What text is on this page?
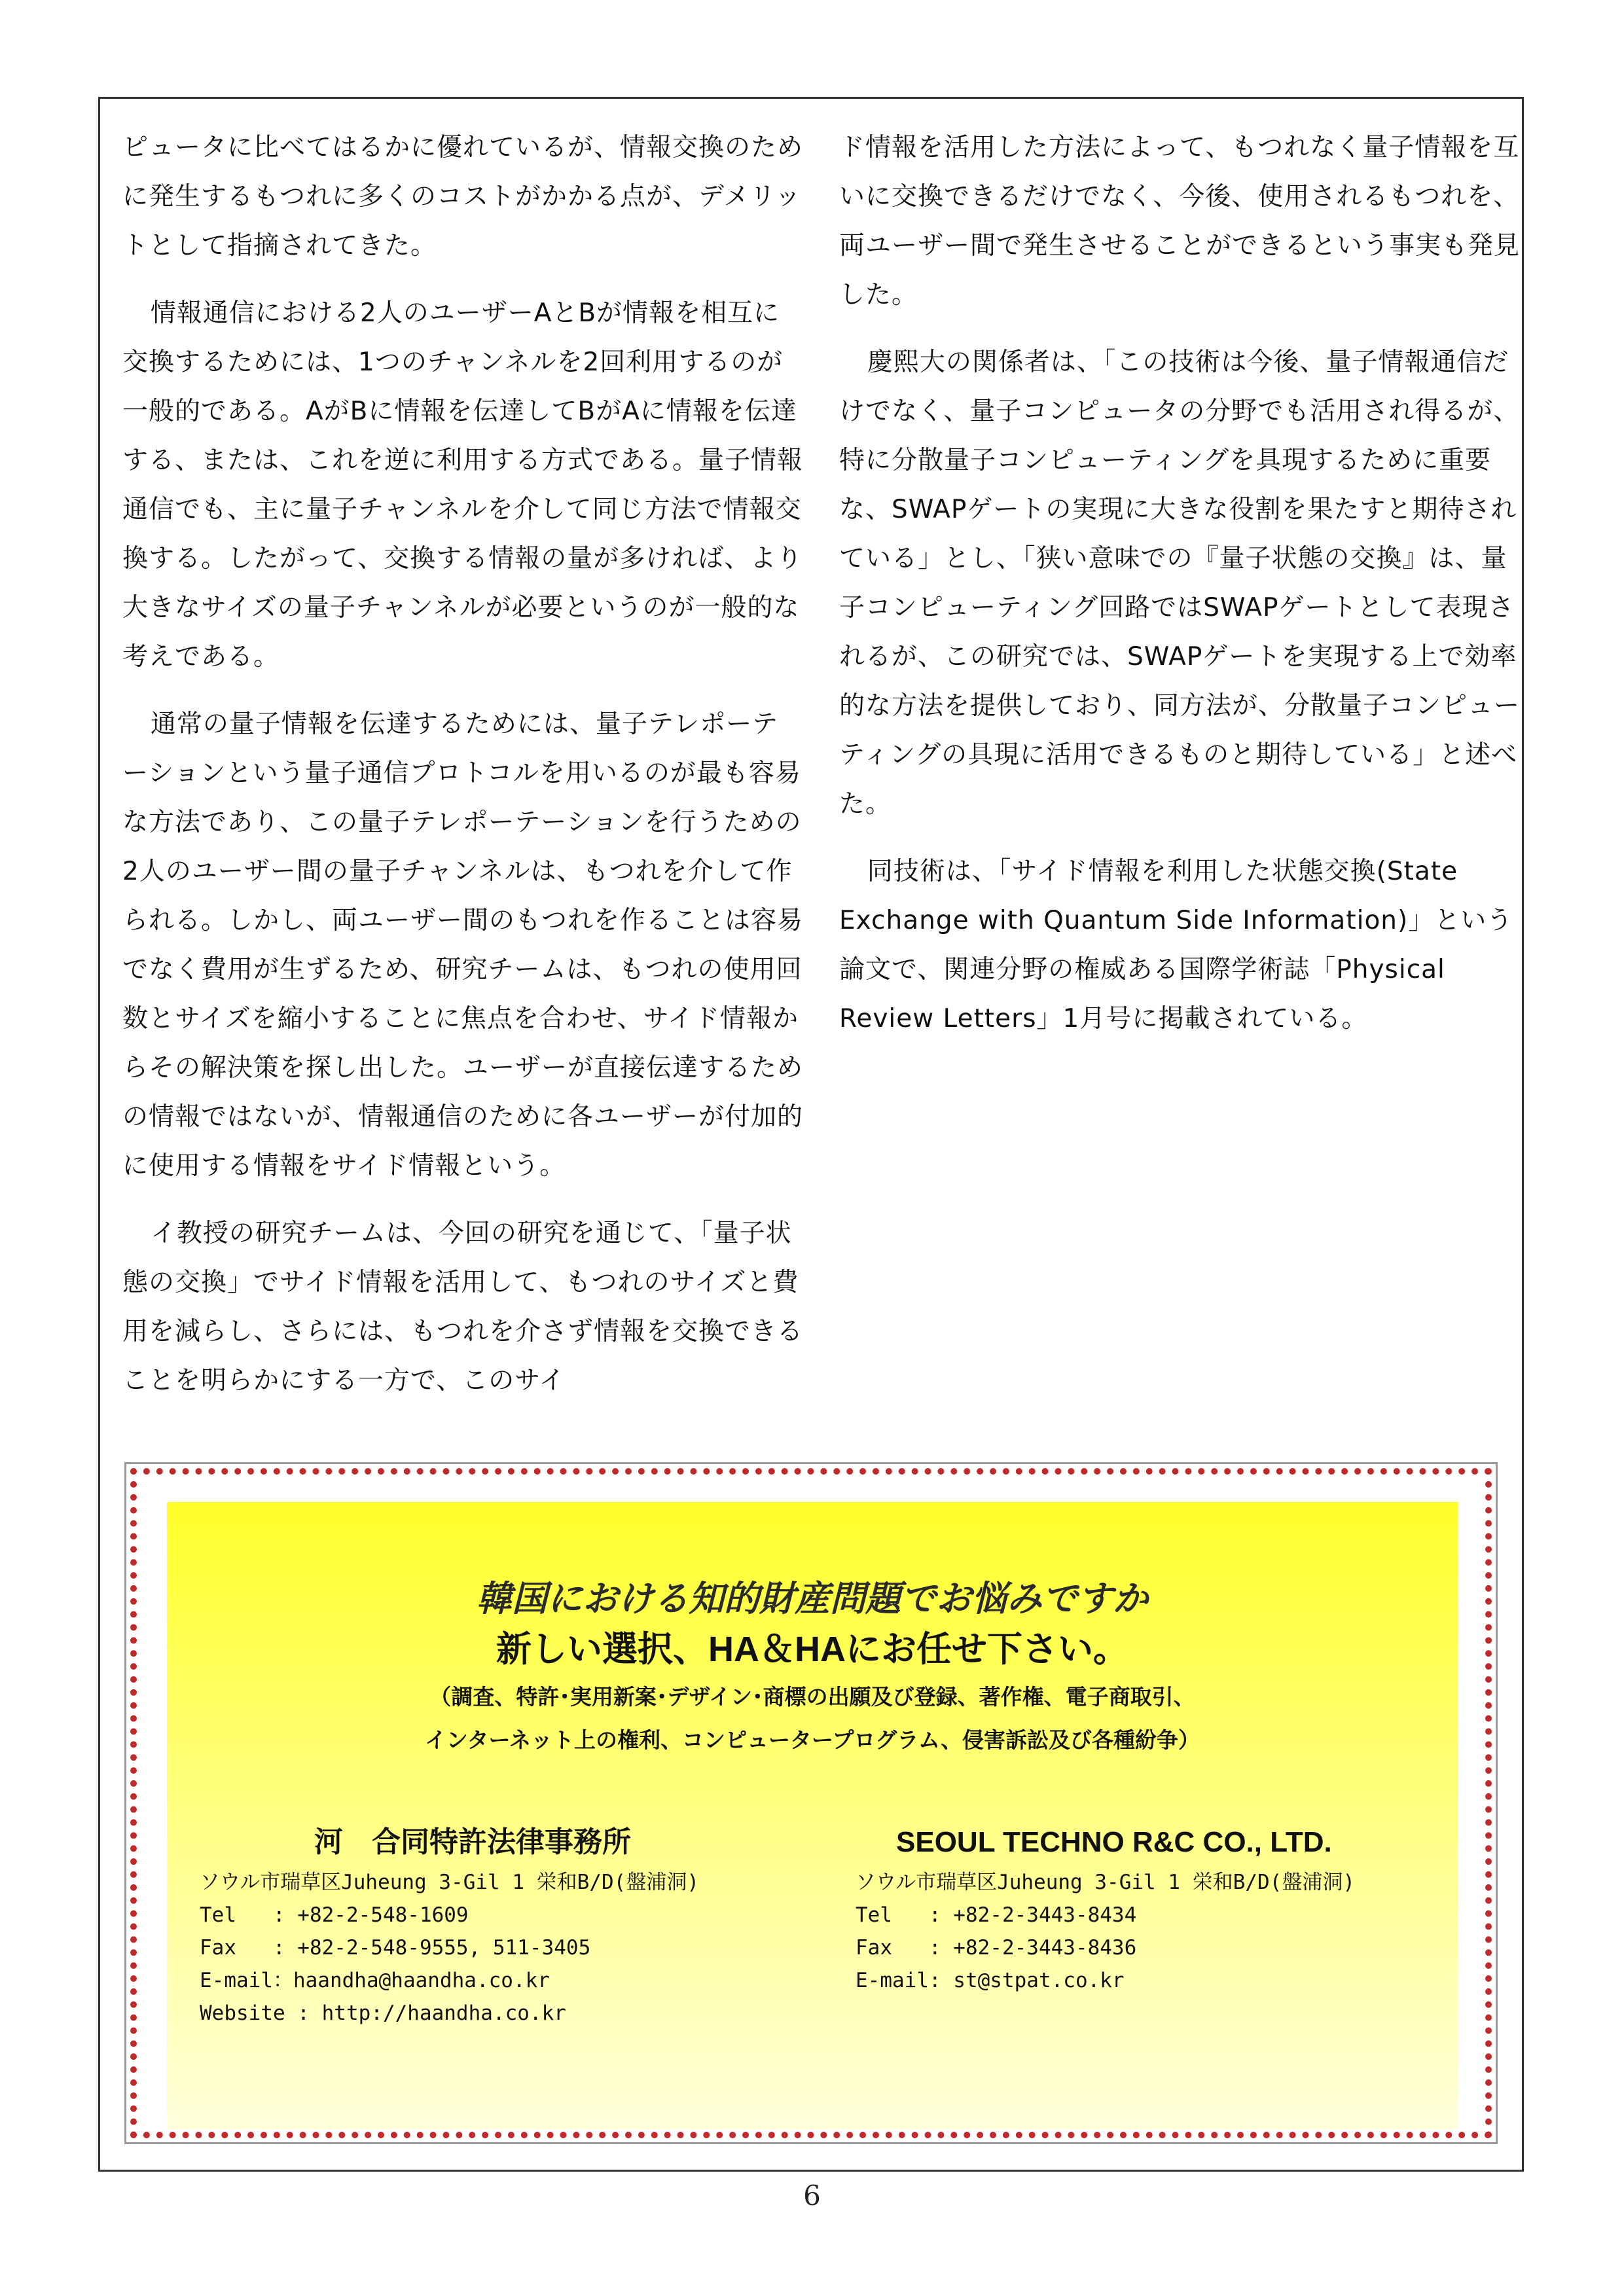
ピュータに比べてはるかに優れているが、情報交換のために発生するもつれに多くのコストがかかる点が、デメリットとして指摘されてきた。

情報通信における2人のユーザーAとBが情報を相互に交換するためには、1つのチャンネルを2回利用するのが一般的である。AがBに情報を伝達してBがAに情報を伝達する、または、これを逆に利用する方式である。量子情報通信でも、主に量子チャンネルを介して同じ方法で情報交換する。したがって、交換する情報の量が多ければ、より大きなサイズの量子チャンネルが必要というのが一般的な考えである。

通常の量子情報を伝達するためには、量子テレポーテーションという量子通信プロトコルを用いるのが最も容易な方法であり、この量子テレポーテーションを行うための2人のユーザー間の量子チャンネルは、もつれを介して作られる。しかし、両ユーザー間のもつれを作ることは容易でなく費用が生ずるため、研究チームは、もつれの使用回数とサイズを縮小することに焦点を合わせ、サイド情報からその解決策を探し出した。ユーザーが直接伝達するための情報ではないが、情報通信のために各ユーザーが付加的に使用する情報をサイド情報という。

イ教授の研究チームは、今回の研究を通じて、「量子状態の交換」でサイド情報を活用して、もつれのサイズと費用を減らし、さらには、もつれを介さず情報を交換できることを明らかにする一方で、このサイ

ド情報を活用した方法によって、もつれなく量子情報を互いに交換できるだけでなく、今後、使用されるもつれを、両ユーザー間で発生させることができるという事実も発見した。

慶熙大の関係者は、「この技術は今後、量子情報通信だけでなく、量子コンピュータの分野でも活用され得るが、特に分散量子コンピューティングを具現するために重要な、SWAPゲートの実現に大きな役割を果たすと期待されている」とし、「狭い意味での『量子状態の交換』は、量子コンピューティング回路ではSWAPゲートとして表現されるが、この研究では、SWAPゲートを実現する上で効率的な方法を提供しており、同方法が、分散量子コンピューティングの具現に活用できるものと期待している」と述べた。

同技術は、「サイド情報を利用した状態交換(State Exchange with Quantum Side Information)」という論文で、関連分野の権威ある国際学術誌「Physical Review Letters」1月号に掲載されている。

韓国における知的財産問題でお悩みですか
新しい選択、HA＆HAにお任せ下さい。
（調査、特許･実用新案･デザイン･商標の出願及び登録、著作権、電子商取引、
インターネット上の権利、コンピュータープログラム、侵害訴訟及び各種紛争）
河　合同特許法律事務所
ソウル市瑞草区Juheung 3-Gil 1 栄和B/D(盤浦洞)
Tel   : +82-2-548-1609
Fax   : +82-2-548-9555, 511-3405
E-mail：haandha@haandha.co.kr
Website : http://haandha.co.kr
SEOUL TECHNO R&C CO., LTD.
ソウル市瑞草区Juheung 3-Gil 1 栄和B/D(盤浦洞)
Tel   : +82-2-3443-8434
Fax   : +82-2-3443-8436
E-mail: st@stpat.co.kr
6
